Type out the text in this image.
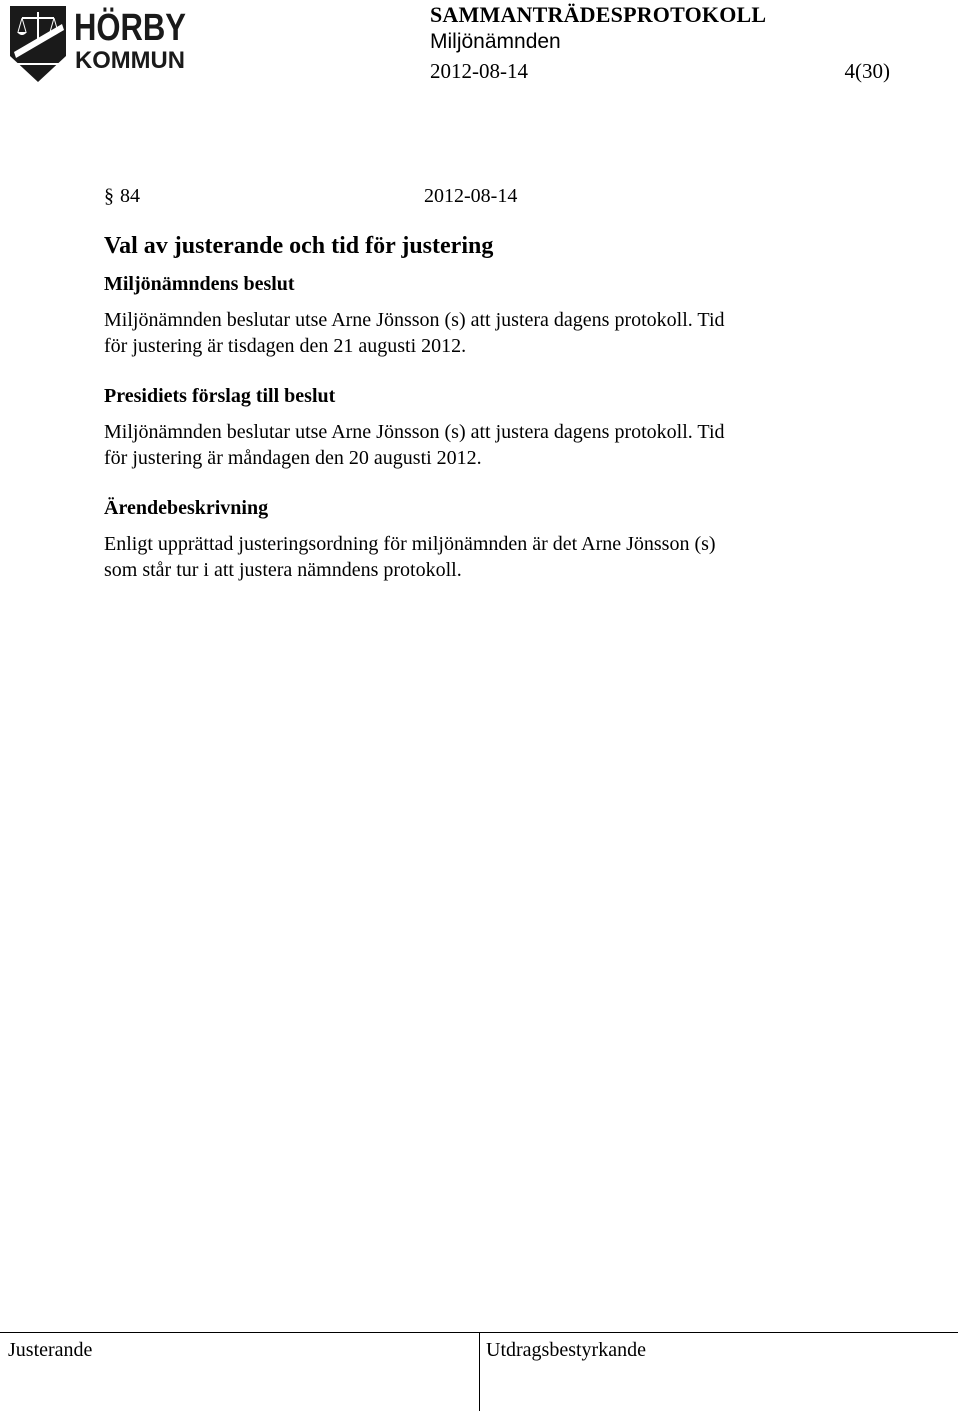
HÖRBY
KOMMUN
SAMMANTRÄDESPROTOKOLL
Miljönämnden
2012-08-14	4(30)
§ 84	2012-08-14
Val av justerande och tid för justering
Miljönämndens beslut

Miljönämnden beslutar utse Arne Jönsson (s) att justera dagens protokoll. Tid

för justering är tisdagen den 21 augusti 2012.

Presidiets förslag till beslut

Miljönämnden beslutar utse Arne Jönsson (s) att justera dagens protokoll. Tid

för justering är måndagen den 20 augusti 2012.

Ärendebeskrivning

Enligt upprättad justeringsordning för miljönämnden är det Arne Jönsson (s)

som står tur i att justera nämndens protokoll.

Justerande	Utdragsbestyrkande
